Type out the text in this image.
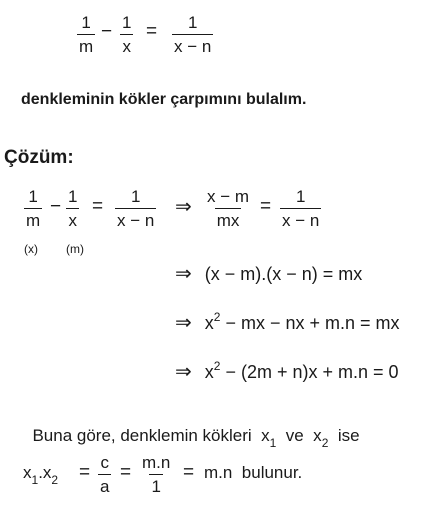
$\frac{1}{m} - \frac{1}{x} = \frac{1}{x - n}$
denkleminin kökler çarpımını bulalım.
Çözüm:
$\frac{1}{m} - \frac{1}{x} = \frac{1}{x - n}$ ⇒ $\frac{x - m}{mx} = \frac{1}{x - n}$
(x) (m)
⇒ (x − m).(x − n) = mx
⇒ $x^2$ − mx − nx + m.n = mx
⇒ $x^2 - (2m + n)x + m.n = 0$

Buna göre, denklemin kökleri  $x_1$  ve  $x_2$  ise

$x_1.x_2 = \frac{c}{a} = \frac{m.n}{1} = m.n$  bulunur.
